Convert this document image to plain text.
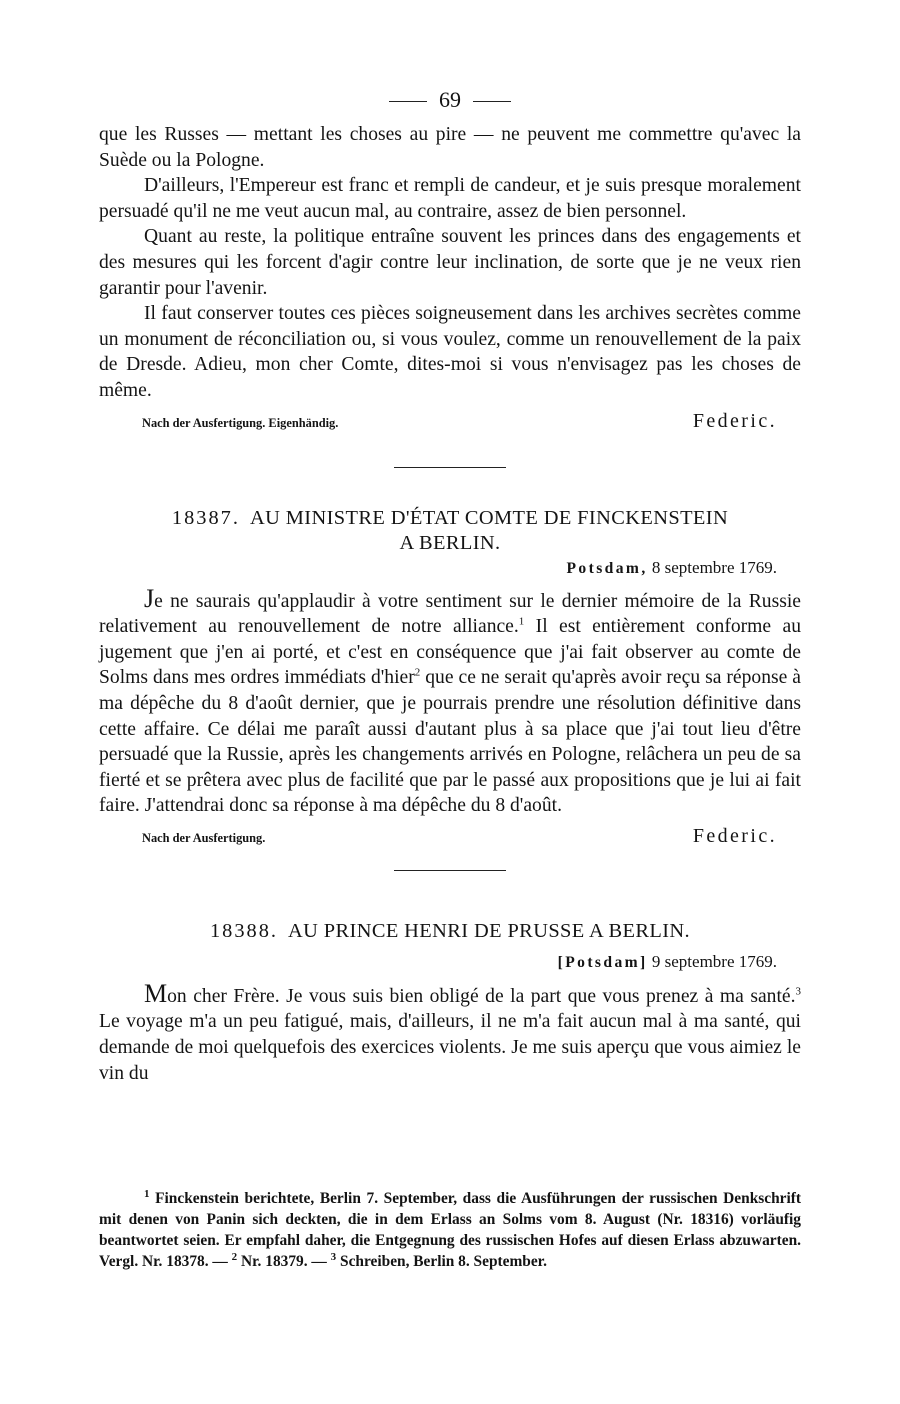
69

que les Russes — mettant les choses au pire — ne peuvent me commettre qu'avec la Suède ou la Pologne.

D'ailleurs, l'Empereur est franc et rempli de candeur, et je suis presque moralement persuadé qu'il ne me veut aucun mal, au contraire, assez de bien personnel.

Quant au reste, la politique entraîne souvent les princes dans des engagements et des mesures qui les forcent d'agir contre leur inclination, de sorte que je ne veux rien garantir pour l'avenir.

Il faut conserver toutes ces pièces soigneusement dans les archives secrètes comme un monument de réconciliation ou, si vous voulez, comme un renouvellement de la paix de Dresde. Adieu, mon cher Comte, dites-moi si vous n'envisagez pas les choses de même.

Nach der Ausfertigung. Eigenhändig.	Federic.
18387. AU MINISTRE D'ÉTAT COMTE DE FINCKENSTEIN
A BERLIN.
Potsdam, 8 septembre 1769.

Je ne saurais qu'applaudir à votre sentiment sur le dernier mémoire de la Russie relativement au renouvellement de notre alliance.$^1$ Il est entièrement conforme au jugement que j'en ai porté, et c'est en conséquence que j'ai fait observer au comte de Solms dans mes ordres immédiats d'hier$^2$ que ce ne serait qu'après avoir reçu sa réponse à ma dépêche du 8 d'août dernier, que je pourrais prendre une résolution définitive dans cette affaire. Ce délai me paraît aussi d'autant plus à sa place que j'ai tout lieu d'être persuadé que la Russie, après les changements arrivés en Pologne, relâchera un peu de sa fierté et se prêtera avec plus de facilité que par le passé aux propositions que je lui ai fait faire. J'attendrai donc sa réponse à ma dépêche du 8 d'août.

Nach der Ausfertigung.	Federic.
18388. AU PRINCE HENRI DE PRUSSE A BERLIN.
[Potsdam] 9 septembre 1769.

Mon cher Frère. Je vous suis bien obligé de la part que vous prenez à ma santé.$^3$ Le voyage m'a un peu fatigué, mais, d'ailleurs, il ne m'a fait aucun mal à ma santé, qui demande de moi quelquefois des exercices violents. Je me suis aperçu que vous aimiez le vin du

$^1$ Finckenstein berichtete, Berlin 7. September, dass die Ausführungen der russischen Denkschrift mit denen von Panin sich deckten, die in dem Erlass an Solms vom 8. August (Nr. 18316) vorläufig beantwortet seien. Er empfahl daher, die Entgegnung des russischen Hofes auf diesen Erlass abzuwarten. Vergl. Nr. 18378. — $^2$ Nr. 18379. — $^3$ Schreiben, Berlin 8. September.
